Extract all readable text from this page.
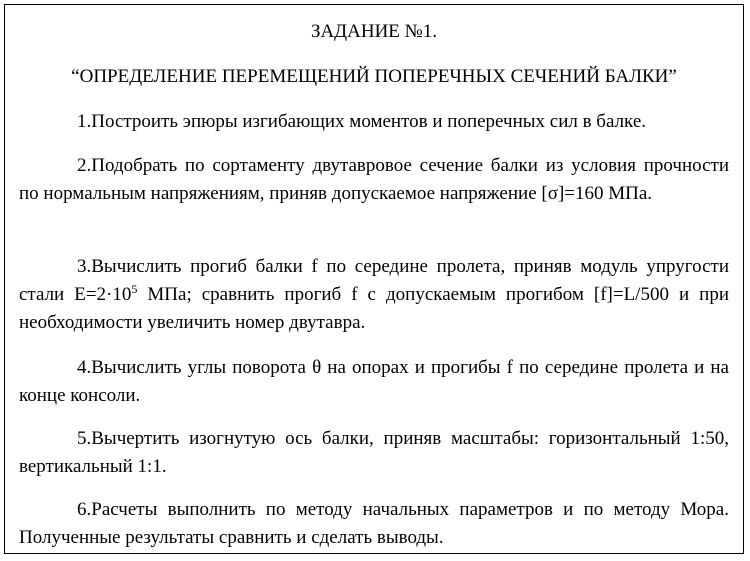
ЗАДАНИЕ №1.
“ОПРЕДЕЛЕНИЕ ПЕРЕМЕЩЕНИЙ ПОПЕРЕЧНЫХ СЕЧЕНИЙ БАЛКИ”
1.Построить эпюры изгибающих моментов и поперечных сил в балке.
2.Подобрать по сортаменту двутавровое сечение балки из условия прочности по нормальным напряжениям, приняв допускаемое напряжение [σ]=160 МПа.
3.Вычислить прогиб балки f по середине пролета, приняв модуль упругости стали $E=2\cdot 10^5$ МПа; сравнить прогиб f с допускаемым прогибом [f]=L/500 и при необходимости увеличить номер двутавра.
4.Вычислить углы поворота θ на опорах и прогибы f по середине пролета и на конце консоли.
5.Вычертить изогнутую ось балки, приняв масштабы: горизонтальный 1:50, вертикальный 1:1.
6.Расчеты выполнить по методу начальных параметров и по методу Мора. Полученные результаты сравнить и сделать выводы.
